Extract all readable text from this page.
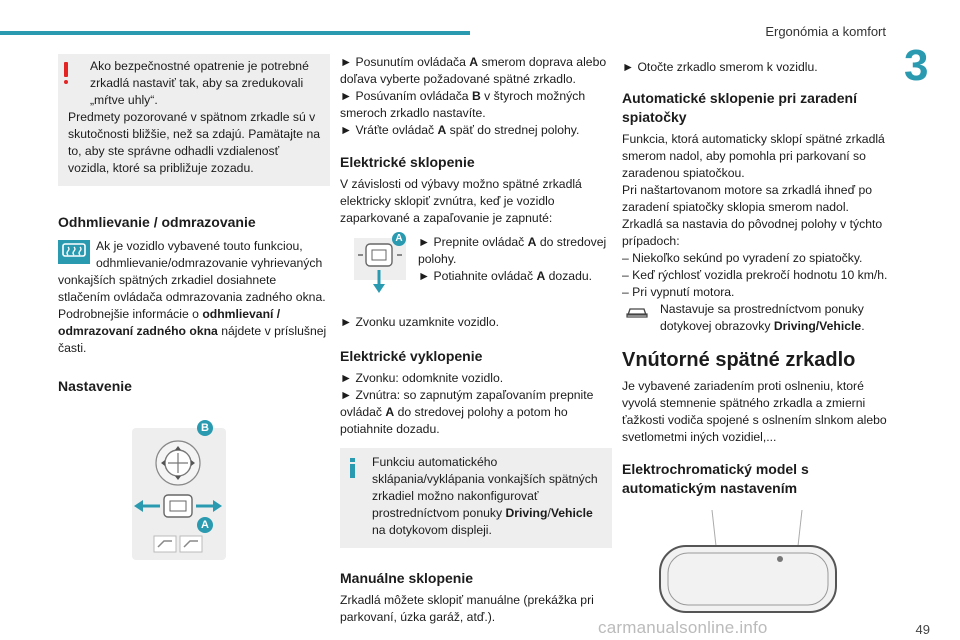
Ergonómia a komfort
3

Ako bezpečnostné opatrenie je potrebné zrkadlá nastaviť tak, aby sa zredukovali „mŕtve uhly“.

Predmety pozorované v spätnom zrkadle sú v skutočnosti bližšie, než sa zdajú. Pamätajte na to, aby ste správne odhadli vzdialenosť vozidla, ktoré sa približuje zozadu.

Odhmlievanie / odmrazovanie

Ak je vozidlo vybavené touto funkciou, odhmlievanie/odmrazovanie vyhrievaných vonkajších spätných zrkadiel dosiahnete stlačením ovládača odmrazovania zadného okna.

Podrobnejšie informácie o odhmlievaní / odmrazovaní zadného okna nájdete v príslušnej časti.

Nastavenie
B
A

► Posunutím ovládača A smerom doprava alebo doľava vyberte požadované spätné zrkadlo.

► Posúvaním ovládača B v štyroch možných smeroch zrkadlo nastavíte.

► Vráťte ovládač A späť do strednej polohy.

Elektrické sklopenie

V závislosti od výbavy možno spätné zrkadlá elektricky sklopiť zvnútra, keď je vozidlo zaparkované a zapaľovanie je zapnuté:

A ► Prepnite ovládač A do stredovej polohy.

► Potiahnite ovládač A dozadu.

► Zvonku uzamknite vozidlo.

Elektrické vyklopenie

► Zvonku: odomknite vozidlo.

► Zvnútra: so zapnutým zapaľovaním prepnite ovládač A do stredovej polohy a potom ho potiahnite dozadu.

Funkciu automatického sklápania/vyklápania vonkajších spätných zrkadiel možno nakonfigurovať prostredníctvom ponuky Driving/Vehicle na dotykovom displeji.

Manuálne sklopenie

Zrkadlá môžete sklopiť manuálne (prekážka pri parkovaní, úzka garáž, atď.).

► Otočte zrkadlo smerom k vozidlu.

Automatické sklopenie pri zaradení spiatočky

Funkcia, ktorá automaticky sklopí spätné zrkadlá smerom nadol, aby pomohla pri parkovaní so zaradenou spiatočkou.

Pri naštartovanom motore sa zrkadlá ihneď po zaradení spiatočky sklopia smerom nadol.

Zrkadlá sa nastavia do pôvodnej polohy v týchto prípadoch:

– Niekoľko sekúnd po vyradení zo spiatočky.

– Keď rýchlosť vozidla prekročí hodnotu 10 km/h.

– Pri vypnutí motora.

Nastavuje sa prostredníctvom ponuky dotykovej obrazovky Driving/Vehicle.

Vnútorné spätné zrkadlo

Je vybavené zariadením proti oslneniu, ktoré vyvolá stemnenie spätného zrkadla a zmierni ťažkosti vodiča spojené s oslnením slnkom alebo svetlometmi iných vozidiel,...

Elektrochromatický model s automatickým nastavením
carmanualsonline.info	49
